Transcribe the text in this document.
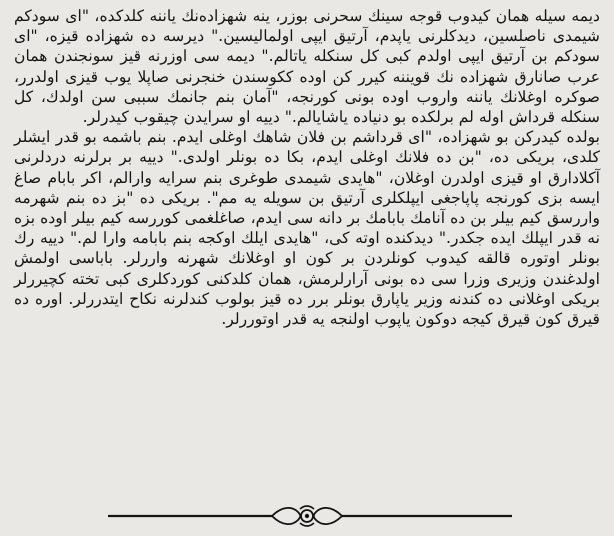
دیمه سیله همان کیدوب قوجه سینك سحرنی بوزر، ینه شهزادەنك یاننه کلدکده، "ای سودکم شیمدی ناصلسین، دیدکلرنی یاپدم، آرتیق ایپی اولمالیسین." دیرسه ده شهزاده قیزه، "ای سودکم بن آرتیق ایپی اولدم کبی کل سنکله یاتالم." دیمه سی اوزرنه قیز سونجندن همان عرب صانارق شهزاده نك قویننه کیرر کن اوده ککوسندن خنجرنی صاپلا یوب قیزی اولدرر، صوکره اوغلانك یاننه واروب اوده بونی کورنجه، "آمان بنم جانمك سببی سن اولدك، کل سنکله قرداش اوله لم برلکده بو دنیاده یاشایالم." دییه او سرایدن چیقوب کیدرلر.

بولده کیدرکن بو شهزاده، "ای قرداشم بن فلان شاهك اوغلی ایدم. بنم باشمه بو قدر ایشلر کلدی، بریکی ده، "بن ده فلانك اوغلی ایدم، بکا ده بونلر اولدی." دییه بر برلرنه دردلرنی آکلادارق او قیزی اولدرن اوغلان، "هایدی شیمدی طوغری بنم سرایه وارالم، اکر بابام صاغ ایسه بزی کورنجه پاپاجغی ایپلکلری آرتیق بن سویله یه مم". بریکی ده "بز ده بنم شهرمه واررسق کیم بیلر بن ده آنامك بابامك بر دانه سی ایدم، صاغلغمی کوررسه کیم بیلر اوده بزه نه قدر ایپلك ایده جکدر." دیدکنده اوته کی، "هایدی ایلك اوکجه بنم بابامه وارا لم." دییه رك بونلر اوتوره قالقه کیدوب کونلردن بر کون او اوغلانك شهرنه واررلر. باباسی اولمش اولدغندن وزیری وزرا سی ده بونی آرارلرمش، همان کلدکنی کوردکلری کبی تخته کچیررلر بریکی اوغلانی ده کندنه وزیر یاپارق بونلر برر ده قیز بولوب کندلرنه نکاح ایتدررلر. اوره ده قیرق کون قیرق کیجه دوکون یاپوب اولنجه یه قدر اوتوررلر.
